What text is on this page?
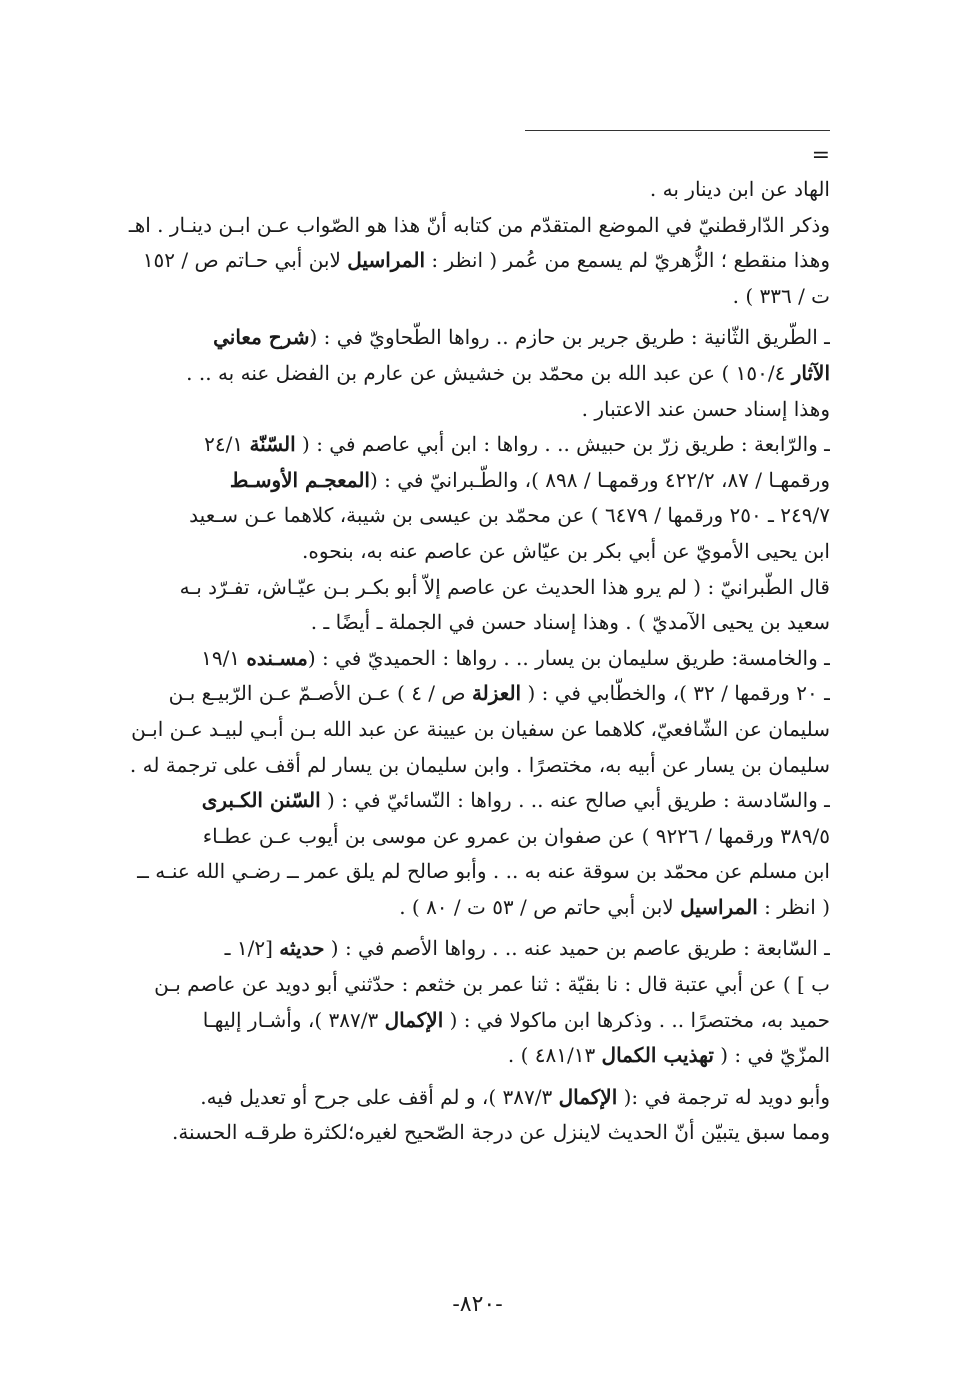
=
الهاد عن ابن دينار به .
وذكر الدّارقطنيّ في الموضع المتقدّم من كتابه أنّ هذا هو الصّواب عـن ابـن دينـار . اهـ
وهذا منقطع ؛ الزُّهريّ لم يسمع من عُمر ( انظر : المراسيل لابن أبي حـاتم ص / ١٥٢
ت / ٣٣٦ ) .
ـ الطّريق الثّانية : طريق جرير بن حازم .. رواها الطّحاويّ في : (شرح معاني
الآثار ١٥٠/٤ ) عن عبد الله بن محمّد بن خشيش عن عارم بن الفضل عنه به .. .
وهذا إسناد حسن عند الاعتبار .
ـ والرّابعة : طريق زرّ بن حبيش .. . رواها : ابن أبي عاصم في : ( السّنّة ٢٤/١
ورقمهـا / ٨٧، ٤٢٢/٢ ورقمهـا / ٨٩٨ )، والطّـبرانيّ في : (المعجـم الأوسـط
٢٤٩/٧ ـ ٢٥٠ ورقمها / ٦٤٧٩ ) عن محمّد بن عيسى بن شيبة، كلاهما عـن سـعيد
ابن يحيى الأمويّ عن أبي بكر بن عيّاش عن عاصم عنه به، بنحوه.
قال الطّبرانيّ : ( لم يرو هذا الحديث عن عاصم إلاّ أبو بكـر بـن عيّـاش، تفـرّد بـه
سعيد بن يحيى الآمديّ ) . وهذا إسناد حسن في الجملة ـ أيضًا ـ .
ـ والخامسة: طريق سليمان بن يسار .. . رواها : الحميديّ في : (مسـنده ١٩/١
ـ ٢٠ ورقمها / ٣٢ )، والخطّابي في : ( العزلة ص / ٤ ) عـن الأصـمّ عـن الرّبيـع بـن
سليمان عن الشّافعيّ، كلاهما عن سفيان بن عيينة عن عبد الله بـن أبـي لبيـد عـن ابـن
سليمان بن يسار عن أبيه به، مختصرًا . وابن سليمان بن يسار لم أقف على ترجمة له .
ـ والسّادسة : طريق أبي صالح عنه .. . رواها : النّسائيّ في : ( السّنن الكـبرى
٣٨٩/٥ ورقمها / ٩٢٢٦ ) عن صفوان بن عمرو عن موسى بن أيوب عـن عطـاء
ابن مسلم عن محمّد بن سوقة عنه به .. . وأبو صالح لم يلق عمر ــ رضـي الله عنـه ــ
( انظر : المراسيل لابن أبي حاتم ص / ٥٣ ت / ٨٠ ) .
ـ السّابعة : طريق عاصم بن حميد عنه .. . رواها الأصم في : ( حديثه [١/٢ ـ
ب ] ) عن أبي عتبة قال : نا بقيّة : ثنا عمر بن خثعم : حدّثني أبو دويد عن عاصم بـن
حميد به، مختصرًا .. . وذكرها ابن ماكولا في : ( الإكمال ٣٨٧/٣ )، وأشـار إليهـا
المزّيّ في : ( تهذيب الكمال ٤٨١/١٣ ) .
وأبو دويد له ترجمة في :( الإكمال ٣٨٧/٣ )، و لم أقف على جرح أو تعديل فيه.
ومما سبق يتبيّن أنّ الحديث لاينزل عن درجة الصّحيح لغيره؛لكثرة طرقـه الحسنة.
-٨٢٠-
